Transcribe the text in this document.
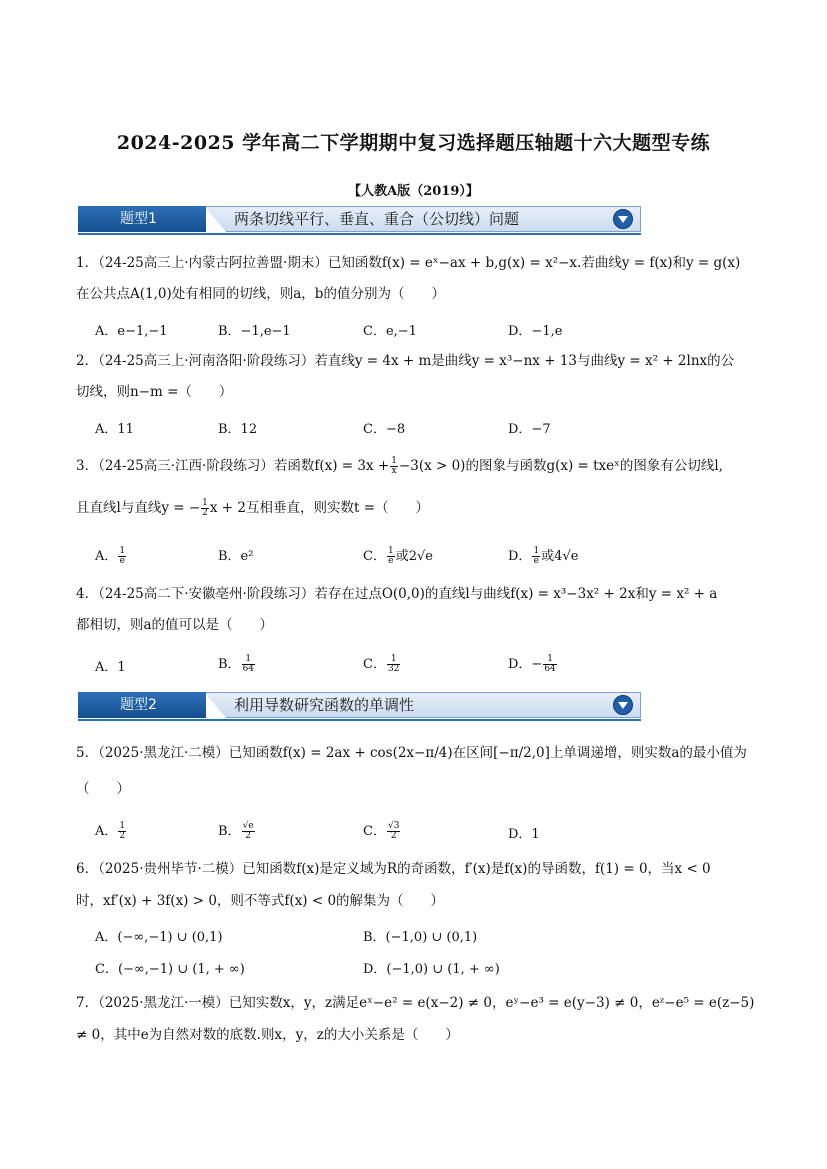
2024-2025 学年高二下学期期中复习选择题压轴题十六大题型专练
【人教A版（2019）】
题型1	两条切线平行、垂直、重合（公切线）问题
1．（24-25高三上·内蒙古阿拉善盟·期末）已知函数f(x) = eˣ−ax + b,g(x) = x²−x.若曲线y = f(x)和y = g(x)
在公共点A(1,0)处有相同的切线，则a，b的值分别为（　　）
A．e−1,−1	B．−1,e−1	C．e,−1	D．−1,e
2．（24-25高三上·河南洛阳·阶段练习）若直线y = 4x + m是曲线y = x³−nx + 13与曲线y = x² + 2lnx的公
切线，则n−m =（　　）
A．11	B．12	C．−8	D．−7
3．（24-25高三·江西·阶段练习）若函数$f(x) = 3x + \frac{1}{x} -3(x > 0)$的图象与函数g(x) = txeˣ的图象有公切线l,
且直线l与直线y = − $\frac{1}{2}$ x + 2互相垂直，则实数t =（　　）
A． $\frac{1}{e}$	B．e²	C． $\frac{1}{e}$ 或2√e	D． $\frac{1}{e}$ 或4√e
4．（24-25高二下·安徽亳州·阶段练习）若存在过点O(0,0)的直线l与曲线f(x) = x³−3x² + 2x和y = x² + a
都相切，则a的值可以是（　　）
A．1	B． $\frac{1}{64}$	C． $\frac{1}{32}$	D．− $\frac{1}{64}$
题型2	利用导数研究函数的单调性
5．（2025·黑龙江·二模）已知函数f(x) = 2ax + cos(2x−π/4)在区间[−π/2,0]上单调递增，则实数a的最小值为
（　　）
A． $\frac{1}{2}$	B． $\frac{√e}{2}$	C． $\frac{√3}{2}$	D．1
6．（2025·贵州毕节·二模）已知函数f(x)是定义域为R的奇函数，f′(x)是f(x)的导函数，f(1) = 0，当x < 0
时，xf′(x) + 3f(x) > 0，则不等式f(x) < 0的解集为（　　）
A．(−∞,−1) ∪ (0,1)	B．(−1,0) ∪ (0,1)
C．(−∞,−1) ∪ (1, + ∞)	D．(−1,0) ∪ (1, + ∞)
7．（2025·黑龙江·一模）已知实数x，y，z满足eˣ−e² = e(x−2) ≠ 0，eʸ−e³ = e(y−3) ≠ 0，eᶻ−e⁵ = e(z−5)
≠ 0，其中e为自然对数的底数.则x，y，z的大小关系是（　　）
